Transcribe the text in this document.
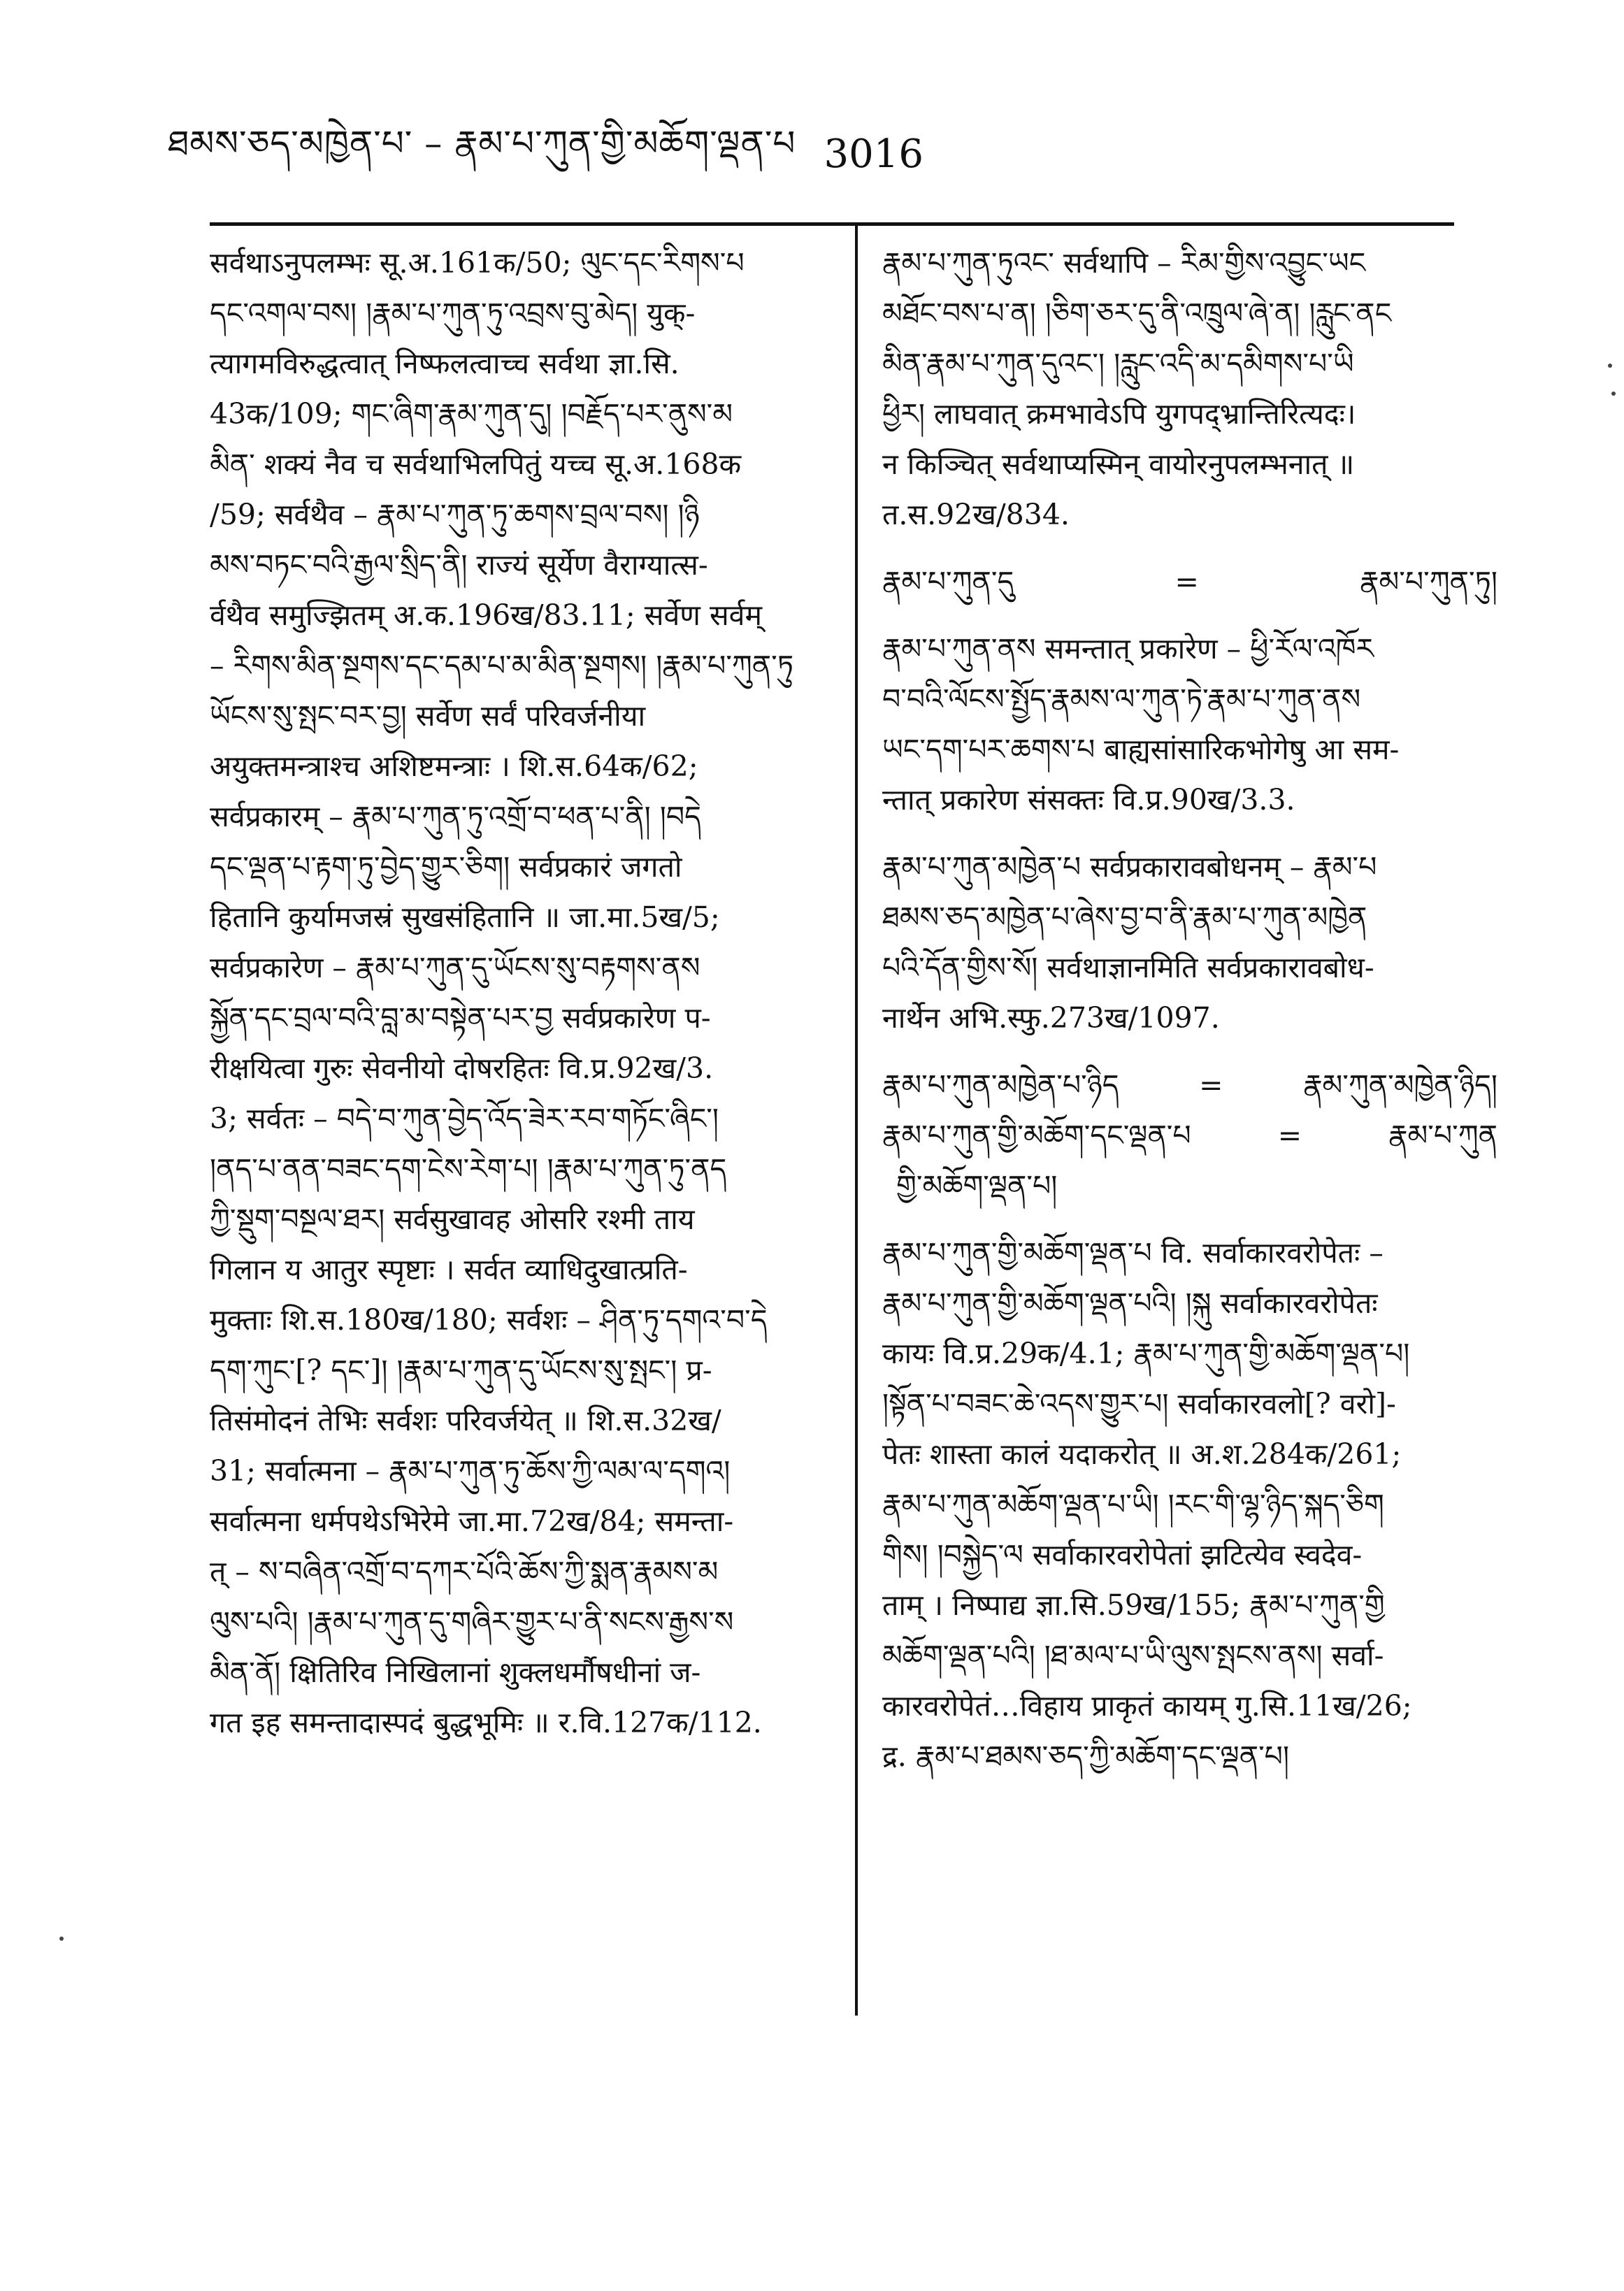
ཐམས་ཅད་མཁྱེན་པ་ – རྣམ་པ་ཀུན་གྱི་མཆོག་ལྡན་པ 3016
सर्वथाऽनुपलम्भः सू.अ.161क/50; ལུང་དང་རིགས་པ
དང་འགལ་བས། །རྣམ་པ་ཀུན་ཏུ་འབྲས་བུ་མེད། युक्-
त्यागमविरुद्धत्वात् निष्फलत्वाच्च सर्वथा ज्ञा.सि.
43क/109; གང་ཞིག་རྣམ་ཀུན་དུ། །བརྗོད་པར་ནུས་མ
མིན་ शक्यं नैव च सर्वथाभिलपितुं यच्च सू.अ.168क
/59; सर्वथैव – རྣམ་པ་ཀུན་ཏུ་ཆགས་བྲལ་བས། །ཉི
མས་བཏང་བའི་རྒྱལ་སྲིད་ནི། राज्यं सूर्येण वैराग्यात्स-
र्वथैव समुज्झितम् अ.क.196ख/83.11; सर्वेण सर्वम्
– རིགས་མིན་སྔགས་དང་དམ་པ་མ་མིན་སྔགས། །རྣམ་པ་ཀུན་ཏུ
ཡོངས་སུ་སྤང་བར་བྱ། सर्वेण सर्वं परिवर्जनीया
अयुक्तमन्त्राश्च अशिष्टमन्त्राः । शि.स.64क/62;
सर्वप्रकारम् – རྣམ་པ་ཀུན་ཏུ་འགྲོ་བ་ཕན་པ་ནི། །བདེ
དང་ལྡན་པ་རྟག་ཏུ་བྱེད་གྱུར་ཅིག། सर्वप्रकारं जगतो
हितानि कुर्यामजस्रं सुखसंहितानि ॥ जा.मा.5ख/5;
सर्वप्रकारेण – རྣམ་པ་ཀུན་དུ་ཡོངས་སུ་བརྟགས་ནས
སྐྱོན་དང་བྲལ་བའི་བླ་མ་བསྟེན་པར་བྱ सर्वप्रकारेण प-
रीक्षयित्वा गुरुः सेवनीयो दोषरहितः वि.प्र.92ख/3.
3; सर्वतः – བདེ་བ་ཀུན་བྱེད་འོད་ཟེར་རབ་གཏོང་ཞིང་།
།ནད་པ་ནན་བཟང་དག་ངེས་རེག་པ། །རྣམ་པ་ཀུན་ཏུ་ནད
ཀྱི་སྡུག་བསྔལ་ཐར། सर्वसुखावह ओसरि रश्मी ताय
गिलान य आतुर स्पृष्टाः । सर्वत व्याधिदुखात्प्रति-
मुक्ताः शि.स.180ख/180; सर्वशः – ཤིན་ཏུ་དགའ་བ་དེ
དག་ཀུང་[? དང་]། །རྣམ་པ་ཀུན་དུ་ཡོངས་སུ་སྤང་། प्र-
तिसंमोदनं तेभिः सर्वशः परिवर्जयेत् ॥ शि.स.32ख/
31; सर्वात्मना – རྣམ་པ་ཀུན་ཏུ་ཆོས་ཀྱི་ལམ་ལ་དགའ།
सर्वात्मना धर्मपथेऽभिरेमे जा.मा.72ख/84; समन्ता-
त् – ས་བཞིན་འགྲོ་བ་དཀར་པོའི་ཆོས་ཀྱི་སྨན་རྣམས་མ
ལུས་པའི། །རྣམ་པ་ཀུན་དུ་གཞིར་གྱུར་པ་ནི་སངས་རྒྱས་ས
མིན་ནོ། क्षितिरिव निखिलानां शुक्लधर्मौषधीनां ज-
गत इह समन्तादास्पदं बुद्धभूमिः ॥ र.वि.127क/112.
རྣམ་པ་ཀུན་ཏུའང་ सर्वथापि – རིམ་གྱིས་འབྱུང་ཡང
མཐོང་བས་པ་ན། །ཅིག་ཅར་དུ་ནི་འཁྲུལ་ཞེ་ན། །རླུང་ནང
མིན་རྣམ་པ་ཀུན་དུའང་། །རླུང་འདི་མ་དམིགས་པ་ཡི
ཕྱིར། लाघवात् क्रमभावेऽपि युगपद्भ्रान्तिरित्यदः।
न किञ्चित् सर्वथाप्यस्मिन् वायोरनुपलम्भनात् ॥
त.स.92ख/834.
རྣམ་པ་ཀུན་དུ	=	རྣམ་པ་ཀུན་ཏུ།
རྣམ་པ་ཀུན་ནས समन्तात् प्रकारेण – ཕྱི་རོལ་འཁོར
བ་བའི་ལོངས་སྤྱོད་རྣམས་ལ་ཀུན་ཏེ་རྣམ་པ་ཀུན་ནས
ཡང་དག་པར་ཆགས་པ बाह्यसांसारिकभोगेषु आ सम-
न्तात् प्रकारेण संसक्तः वि.प्र.90ख/3.3.
རྣམ་པ་ཀུན་མཁྱེན་པ सर्वप्रकारावबोधनम् – རྣམ་པ
ཐམས་ཅད་མཁྱེན་པ་ཞེས་བྱ་བ་ནི་རྣམ་པ་ཀུན་མཁྱེན
པའི་དོན་གྱིས་སོ། सर्वथाज्ञानमिति सर्वप्रकारावबोध-
नार्थेन अभि.स्फु.273ख/1097.
རྣམ་པ་ཀུན་མཁྱེན་པ་ཉིད	=	རྣམ་ཀུན་མཁྱེན་ཉིད།
རྣམ་པ་ཀུན་གྱི་མཆོག་དང་ལྡན་པ	=	རྣམ་པ་ཀུན
གྱི་མཆོག་ལྡན་པ།
རྣམ་པ་ཀུན་གྱི་མཆོག་ལྡན་པ वि. सर्वाकारवरोपेतः –
རྣམ་པ་ཀུན་གྱི་མཆོག་ལྡན་པའི། །སྐུ सर्वाकारवरोपेतः
कायः वि.प्र.29क/4.1; རྣམ་པ་ཀུན་གྱི་མཆོག་ལྡན་པ།
།སྟོན་པ་བཟང་ཆེ་འདས་གྱུར་པ། सर्वाकारवलो[? वरो]-
पेतः शास्ता कालं यदाकरोत् ॥ अ.श.284क/261;
རྣམ་པ་ཀུན་མཆོག་ལྡན་པ་ཡི། །རང་གི་ལྷ་ཉིད་སྐད་ཅིག
གིས། །བསྐྱེད་ལ सर्वाकारवरोपेतां झटित्येव स्वदेव-
ताम् । निष्पाद्य ज्ञा.सि.59ख/155; རྣམ་པ་ཀུན་གྱི
མཆོག་ལྡན་པའི། །ཐ་མལ་པ་ཡི་ལུས་སྤངས་ནས། सर्वा-
कारवरोपेतं…विहाय प्राकृतं कायम् गु.सि.11ख/26;
द्र. རྣམ་པ་ཐམས་ཅད་ཀྱི་མཆོག་དང་ལྡན་པ།
